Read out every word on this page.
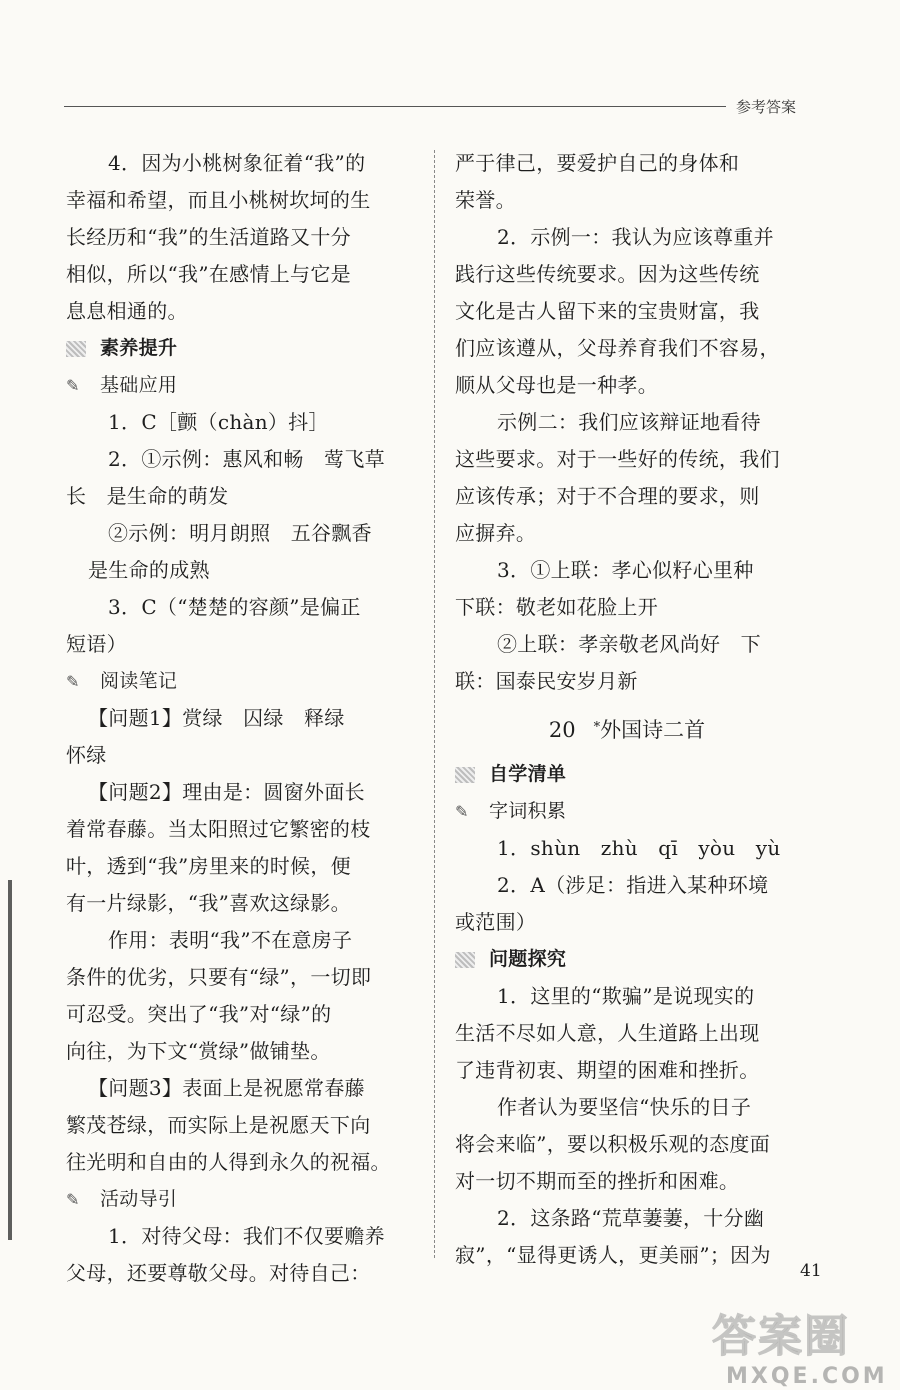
参考答案
4．因为小桃树象征着“我”的
幸福和希望，而且小桃树坎坷的生
长经历和“我”的生活道路又十分
相似，所以“我”在感情上与它是
息息相通的。
素养提升
✎	基础应用
1．C［颤（chàn）抖］
2．①示例：惠风和畅　莺飞草
长　是生命的萌发
②示例：明月朗照　五谷飘香
是生命的成熟
3．C（“楚楚的容颜”是偏正
短语）
✎	阅读笔记
【问题1】赏绿　囚绿　释绿
怀绿
【问题2】理由是：圆窗外面长
着常春藤。当太阳照过它繁密的枝
叶，透到“我”房里来的时候，便
有一片绿影，“我”喜欢这绿影。
作用：表明“我”不在意房子
条件的优劣，只要有“绿”，一切即
可忍受。突出了“我”对“绿”的
向往，为下文“赏绿”做铺垫。
【问题3】表面上是祝愿常春藤
繁茂苍绿，而实际上是祝愿天下向
往光明和自由的人得到永久的祝福。
✎	活动导引
1．对待父母：我们不仅要赡养
父母，还要尊敬父母。对待自己：
严于律己，要爱护自己的身体和
荣誉。
2．示例一：我认为应该尊重并
践行这些传统要求。因为这些传统
文化是古人留下来的宝贵财富，我
们应该遵从，父母养育我们不容易，
顺从父母也是一种孝。
示例二：我们应该辩证地看待
这些要求。对于一些好的传统，我们
应该传承；对于不合理的要求，则
应摒弃。
3．①上联：孝心似籽心里种
下联：敬老如花脸上开
②上联：孝亲敬老风尚好　下
联：国泰民安岁月新
20 *外国诗二首
自学清单
✎	字词积累
1．shùn　zhù　qī　yòu　yù
2．A（涉足：指进入某种环境
或范围）
问题探究
1．这里的“欺骗”是说现实的
生活不尽如人意，人生道路上出现
了违背初衷、期望的困难和挫折。
作者认为要坚信“快乐的日子
将会来临”，要以积极乐观的态度面
对一切不期而至的挫折和困难。
2．这条路“荒草萋萋，十分幽
寂”，“显得更诱人，更美丽”；因为
41
答案圈
MXQE.COM
